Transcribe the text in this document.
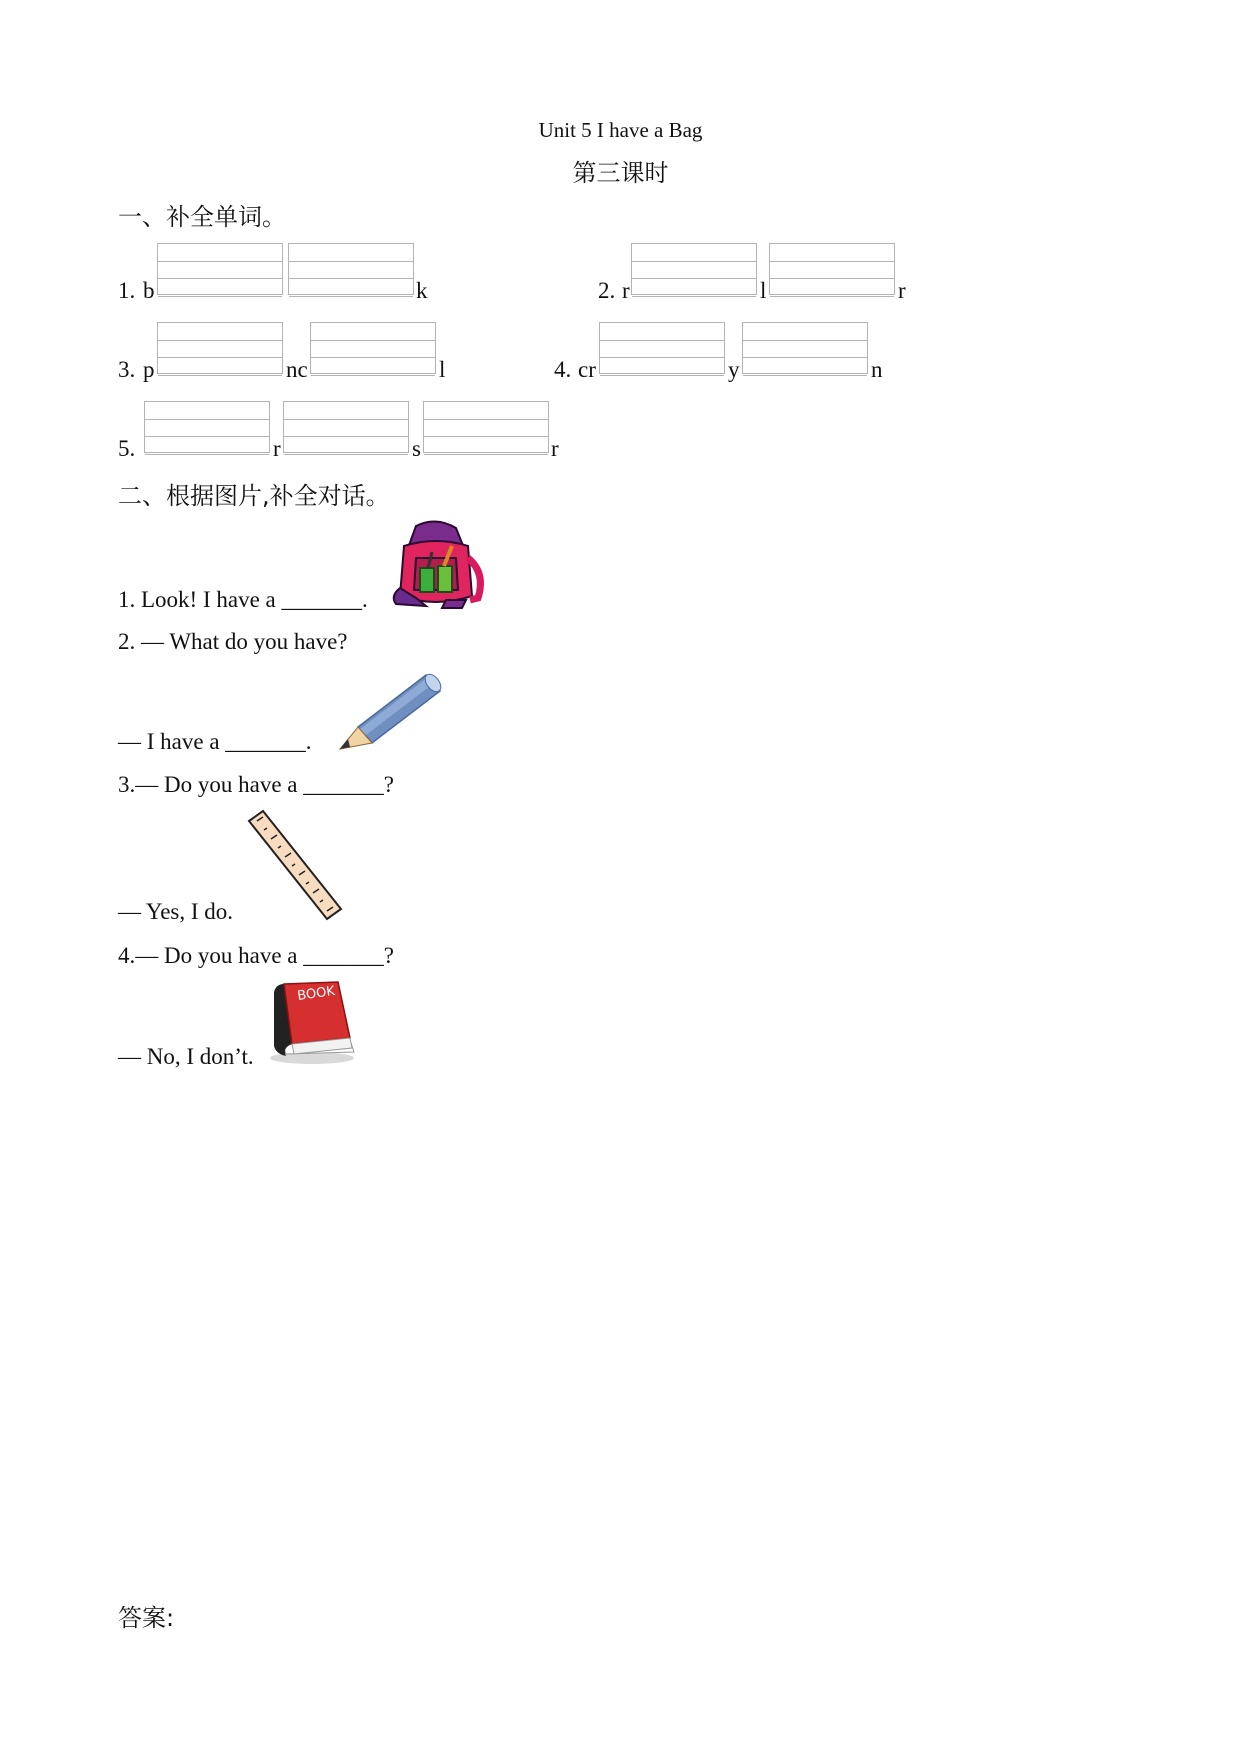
Unit 5 I have a Bag
第三课时
一、补全单词。
1. b	k	2. r	l	r
3. p	nc	l	4. cr	y	n
5.	r	s	r
二、根据图片,补全对话。
1. Look! I have a _______.
2. — What do you have?
— I have a _______.
3.— Do you have a _______?
— Yes, I do.
4.— Do you have a _______?
— No, I don’t.
BOOK
答案:
